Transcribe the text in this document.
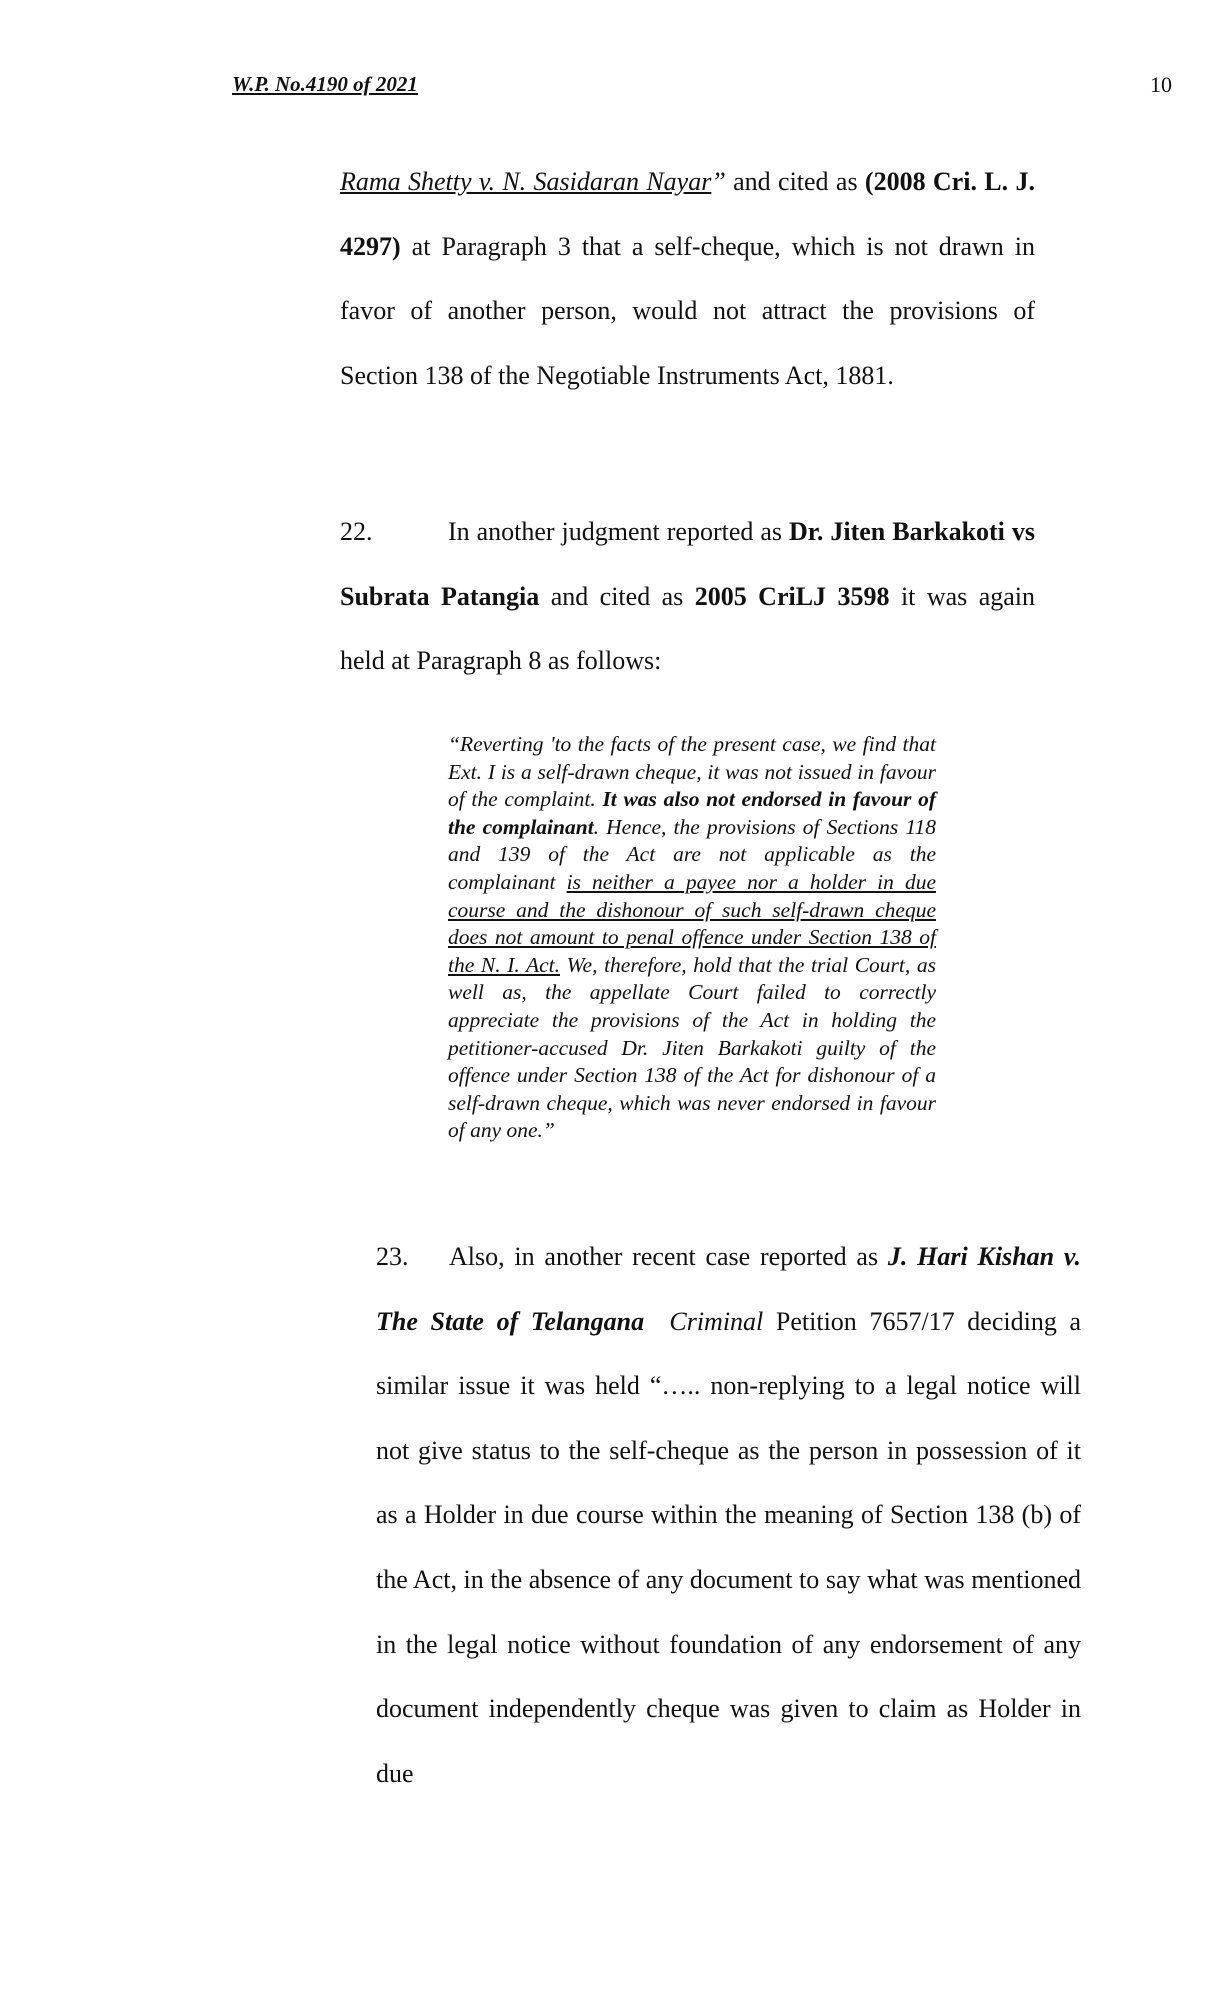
W.P. No.4190 of 2021	10
Rama Shetty v. N. Sasidaran Nayar” and cited as (2008 Cri. L. J. 4297) at Paragraph 3 that a self-cheque, which is not drawn in favor of another person, would not attract the provisions of Section 138 of the Negotiable Instruments Act, 1881.
22.	In another judgment reported as Dr. Jiten Barkakoti vs Subrata Patangia and cited as 2005 CriLJ 3598 it was again held at Paragraph 8 as follows:
“Reverting 'to the facts of the present case, we find that Ext. I is a self-drawn cheque, it was not issued in favour of the complaint. It was also not endorsed in favour of the complainant. Hence, the provisions of Sections 118 and 139 of the Act are not applicable as the complainant is neither a payee nor a holder in due course and the dishonour of such self-drawn cheque does not amount to penal offence under Section 138 of the N. I. Act. We, therefore, hold that the trial Court, as well as, the appellate Court failed to correctly appreciate the provisions of the Act in holding the petitioner-accused Dr. Jiten Barkakoti guilty of the offence under Section 138 of the Act for dishonour of a self-drawn cheque, which was never endorsed in favour of any one.”
23. Also, in another recent case reported as J. Hari Kishan v. The State of Telangana Criminal Petition 7657/17 deciding a similar issue it was held “….. non-replying to a legal notice will not give status to the self-cheque as the person in possession of it as a Holder in due course within the meaning of Section 138 (b) of the Act, in the absence of any document to say what was mentioned in the legal notice without foundation of any endorsement of any document independently cheque was given to claim as Holder in due
